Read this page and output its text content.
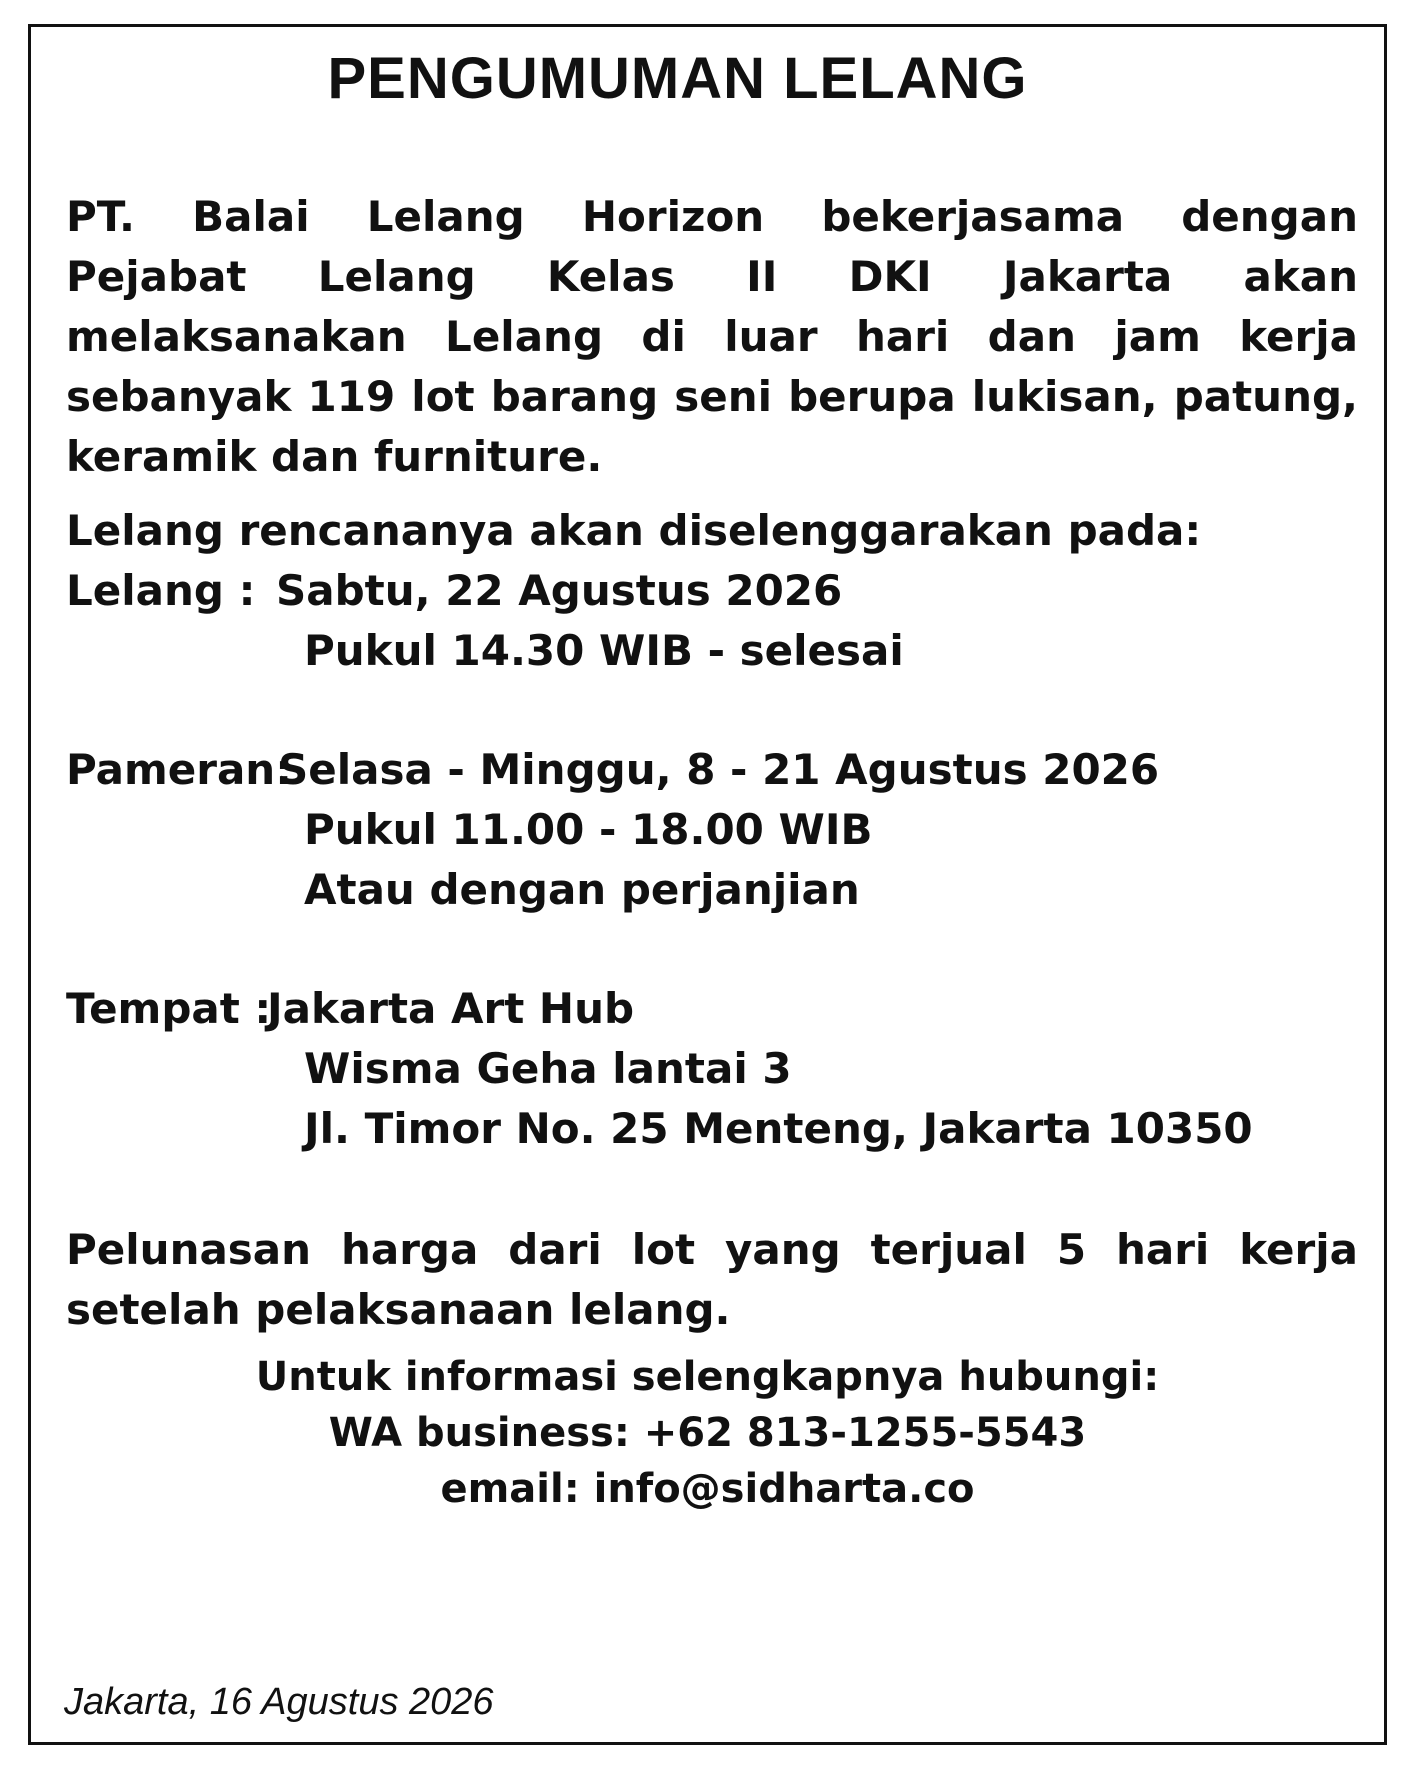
PENGUMUMAN LELANG
PT. Balai Lelang Horizon bekerjasama dengan
Pejabat Lelang Kelas II DKI Jakarta akan
melaksanakan Lelang di luar hari dan jam kerja
sebanyak 119 lot barang seni berupa lukisan, patung,
keramik dan furniture.
Lelang rencananya akan diselenggarakan pada:
Lelang : Sabtu, 22 Agustus 2026
Pukul 14.30 WIB - selesai
Pameran:
Selasa - Minggu, 8 - 21 Agustus 2026
Pukul 11.00 - 18.00 WIB
Atau dengan perjanjian
Tempat :
Jakarta Art Hub
Wisma Geha lantai 3
Jl. Timor No. 25 Menteng, Jakarta 10350
Pelunasan harga dari lot yang terjual 5 hari kerja
setelah pelaksanaan lelang.
Untuk informasi selengkapnya hubungi:
WA business: +62 813-1255-5543
email: info@sidharta.co
Jakarta, 16 Agustus 2026
